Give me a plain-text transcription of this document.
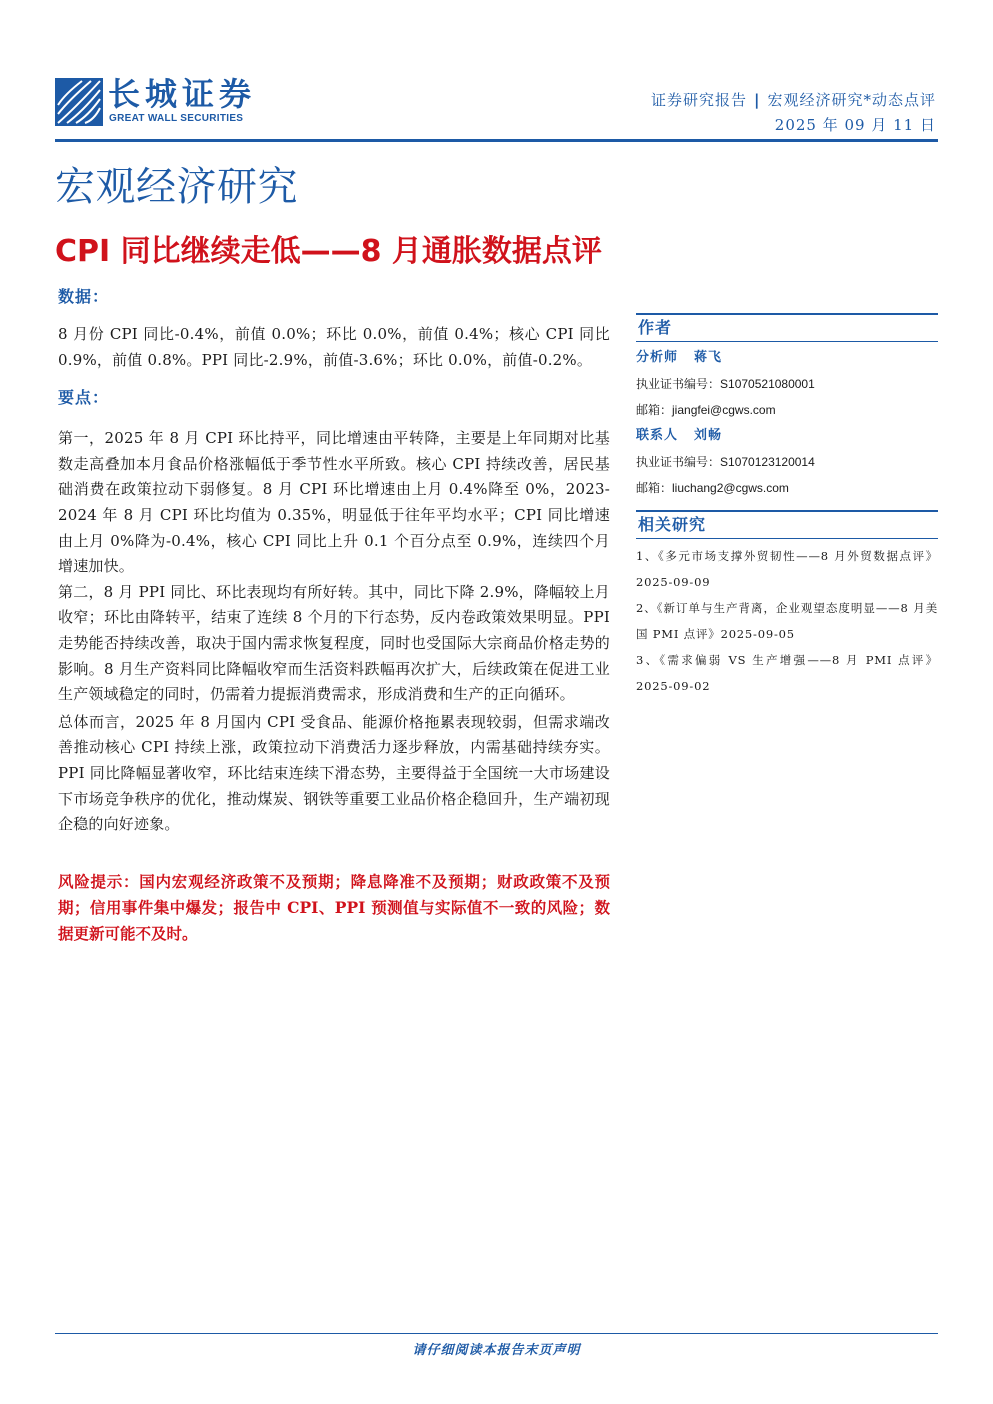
长城证券
GREAT WALL SECURITIES
证券研究报告 | 宏观经济研究*动态点评
2025 年 09 月 11 日
宏观经济研究
CPI 同比继续走低——8 月通胀数据点评
数据：

8 月份 CPI 同比-0.4%，前值 0.0%；环比 0.0%，前值 0.4%；核心 CPI 同比 0.9%，前值 0.8%。PPI 同比-2.9%，前值-3.6%；环比 0.0%，前值-0.2%。

要点：

第一，2025 年 8 月 CPI 环比持平，同比增速由平转降，主要是上年同期对比基数走高叠加本月食品价格涨幅低于季节性水平所致。核心 CPI 持续改善，居民基础消费在政策拉动下弱修复。8 月 CPI 环比增速由上月 0.4%降至 0%，2023-2024 年 8 月 CPI 环比均值为 0.35%，明显低于往年平均水平；CPI 同比增速由上月 0%降为-0.4%，核心 CPI 同比上升 0.1 个百分点至 0.9%，连续四个月增速加快。

第二，8 月 PPI 同比、环比表现均有所好转。其中，同比下降 2.9%，降幅较上月收窄；环比由降转平，结束了连续 8 个月的下行态势，反内卷政策效果明显。PPI 走势能否持续改善，取决于国内需求恢复程度，同时也受国际大宗商品价格走势的影响。8 月生产资料同比降幅收窄而生活资料跌幅再次扩大，后续政策在促进工业生产领域稳定的同时，仍需着力提振消费需求，形成消费和生产的正向循环。

总体而言，2025 年 8 月国内 CPI 受食品、能源价格拖累表现较弱，但需求端改善推动核心 CPI 持续上涨，政策拉动下消费活力逐步释放，内需基础持续夯实。PPI 同比降幅显著收窄，环比结束连续下滑态势，主要得益于全国统一大市场建设下市场竞争秩序的优化，推动煤炭、钢铁等重要工业品价格企稳回升，生产端初现企稳的向好迹象。

风险提示：国内宏观经济政策不及预期；降息降准不及预期；财政政策不及预期；信用事件集中爆发；报告中 CPI、PPI 预测值与实际值不一致的风险；数据更新可能不及时。

作者
分析师 蒋飞
执业证书编号：S1070521080001
邮箱：jiangfei@cgws.com
联系人 刘畅
执业证书编号：S1070123120014
邮箱：liuchang2@cgws.com
相关研究
1、《多元市场支撑外贸韧性——8 月外贸数据点评》2025-09-09
2、《新订单与生产背离，企业观望态度明显——8 月美国 PMI 点评》2025-09-05
3、《需求偏弱 VS 生产增强——8 月 PMI 点评》2025-09-02
请仔细阅读本报告末页声明
